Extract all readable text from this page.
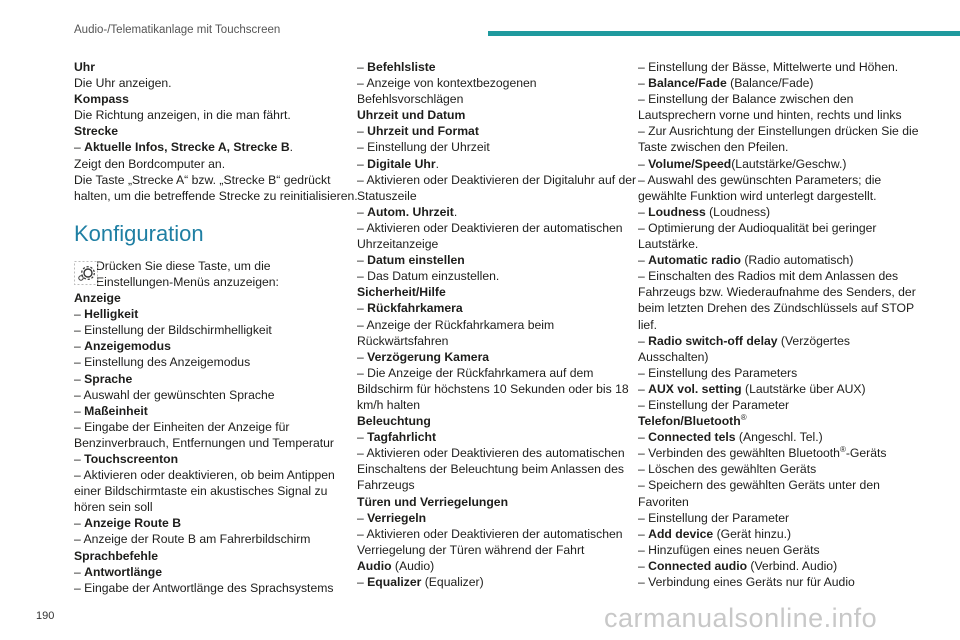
Audio-/Telematikanlage mit Touchscreen
Uhr
Die Uhr anzeigen.
Kompass
Die Richtung anzeigen, in die man fährt.
Strecke
– Aktuelle Infos, Strecke A, Strecke B.
Zeigt den Bordcomputer an.
Die Taste „Strecke A“ bzw. „Strecke B“ gedrückt
halten, um die betreffende Strecke zu reinitialisieren.
Konfiguration
Drücken Sie diese Taste, um die
Einstellungen-Menüs anzuzeigen:
Anzeige
– Helligkeit
– Einstellung der Bildschirmhelligkeit
– Anzeigemodus
– Einstellung des Anzeigemodus
– Sprache
– Auswahl der gewünschten Sprache
– Maßeinheit
– Eingabe der Einheiten der Anzeige für
Benzinverbrauch, Entfernungen und Temperatur
– Touchscreenton
– Aktivieren oder deaktivieren, ob beim Antippen
einer Bildschirmtaste ein akustisches Signal zu
hören sein soll
– Anzeige Route B
– Anzeige der Route B am Fahrerbildschirm
Sprachbefehle
– Antwortlänge
– Eingabe der Antwortlänge des Sprachsystems
– Befehlsliste
– Anzeige von kontextbezogenen
Befehlsvorschlägen
Uhrzeit und Datum
– Uhrzeit und Format
– Einstellung der Uhrzeit
– Digitale Uhr.
– Aktivieren oder Deaktivieren der Digitaluhr auf der
Statuszeile
– Autom. Uhrzeit.
– Aktivieren oder Deaktivieren der automatischen
Uhrzeitanzeige
– Datum einstellen
– Das Datum einzustellen.
Sicherheit/Hilfe
– Rückfahrkamera
– Anzeige der Rückfahrkamera beim
Rückwärtsfahren
– Verzögerung Kamera
– Die Anzeige der Rückfahrkamera auf dem
Bildschirm für höchstens 10 Sekunden oder bis 18
km/h halten
Beleuchtung
– Tagfahrlicht
– Aktivieren oder Deaktivieren des automatischen
Einschaltens der Beleuchtung beim Anlassen des
Fahrzeugs
Türen und Verriegelungen
– Verriegeln
– Aktivieren oder Deaktivieren der automatischen
Verriegelung der Türen während der Fahrt
Audio (Audio)
– Equalizer (Equalizer)
– Einstellung der Bässe, Mittelwerte und Höhen.
– Balance/Fade (Balance/Fade)
– Einstellung der Balance zwischen den
Lautsprechern vorne und hinten, rechts und links
– Zur Ausrichtung der Einstellungen drücken Sie die
Taste zwischen den Pfeilen.
– Volume/Speed(Lautstärke/Geschw.)
– Auswahl des gewünschten Parameters; die
gewählte Funktion wird unterlegt dargestellt.
– Loudness (Loudness)
– Optimierung der Audioqualität bei geringer
Lautstärke.
– Automatic radio (Radio automatisch)
– Einschalten des Radios mit dem Anlassen des
Fahrzeugs bzw. Wiederaufnahme des Senders, der
beim letzten Drehen des Zündschlüssels auf STOP
lief.
– Radio switch-off delay (Verzögertes
Ausschalten)
– Einstellung des Parameters
– AUX vol. setting (Lautstärke über AUX)
– Einstellung der Parameter
Telefon/Bluetooth®
– Connected tels (Angeschl. Tel.)
– Verbinden des gewählten Bluetooth®-Geräts
– Löschen des gewählten Geräts
– Speichern des gewählten Geräts unter den
Favoriten
– Einstellung der Parameter
– Add device (Gerät hinzu.)
– Hinzufügen eines neuen Geräts
– Connected audio (Verbind. Audio)
– Verbindung eines Geräts nur für Audio
190	carmanualsonline.info
